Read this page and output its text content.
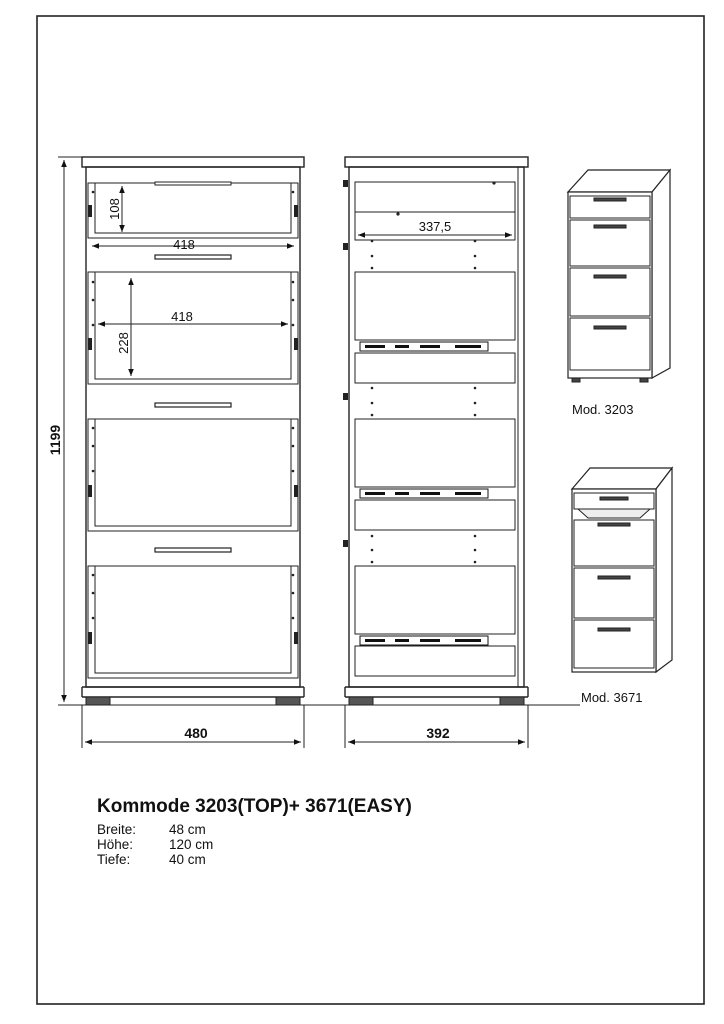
1199
480	392
108
418
228
418
337,5
Mod. 3203
Mod. 3671
Kommode 3203(TOP)+ 3671(EASY)
Breite: 48 cm
Höhe:	120 cm
Tiefe:	40 cm
